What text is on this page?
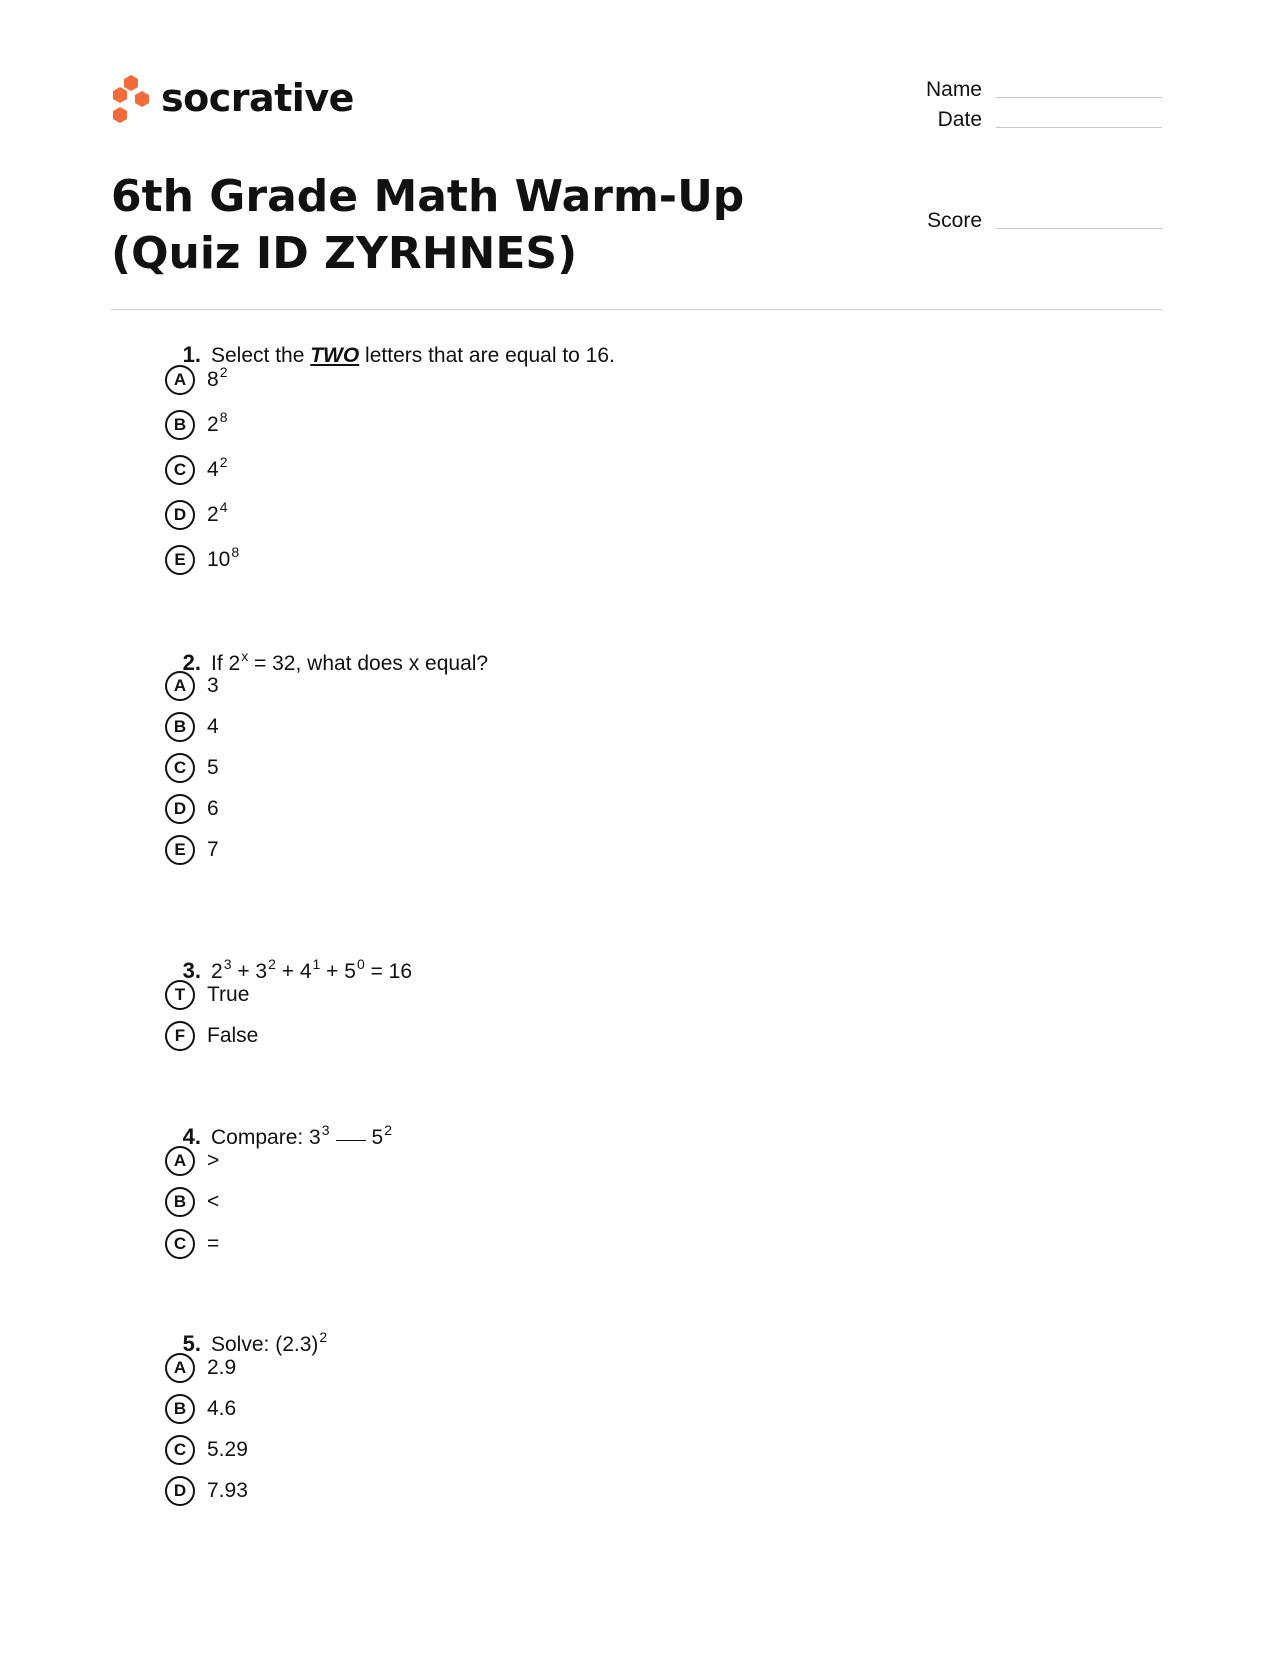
socrative	Name
Date
Score
6th Grade Math Warm-Up (Quiz ID ZYRHNES)
1. Select the TWO letters that are equal to 16.
A $8^2$
B $2^8$
C $4^2$
D $2^4$
E	$10^8$
2. If $2^x = 32$, what does x equal?
A 3
B 4
C 5
D 6
E	7
3. $2^3 + 3^2 + 4^1 + 5^0 = 16$
T	True
F	False
4. Compare: $3^3$ $5^2$
A >
B <
C =
5. Solve: $(2.3)^2$
A 2.9
B 4.6
C 5.29
D 7.93
